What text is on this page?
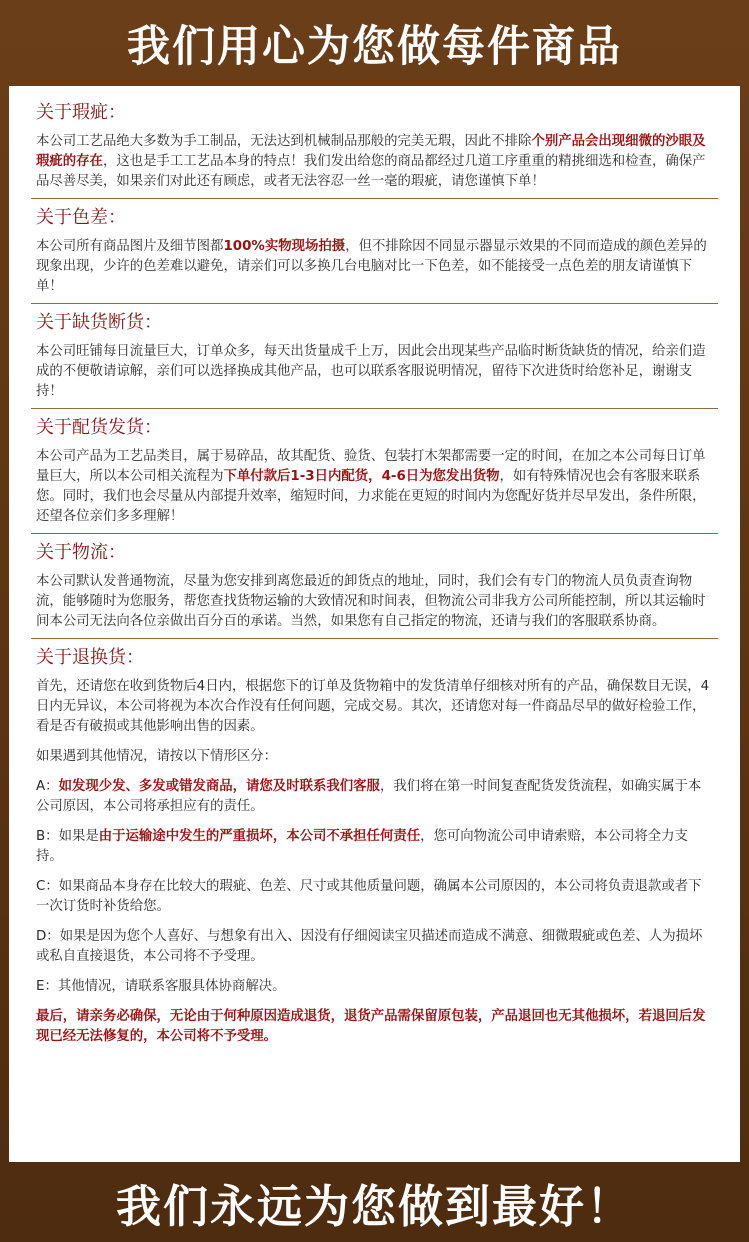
我们用心为您做每件商品
关于瑕疵：
本公司工艺品绝大多数为手工制品，无法达到机械制品那般的完美无瑕，因此不排除个别产品会出现细微的沙眼及瑕疵的存在，这也是手工工艺品本身的特点！我们发出给您的商品都经过几道工序重重的精挑细选和检查，确保产品尽善尽美，如果亲们对此还有顾虑，或者无法容忍一丝一毫的瑕疵，请您谨慎下单！
关于色差：
本公司所有商品图片及细节图都100%实物现场拍摄，但不排除因不同显示器显示效果的不同而造成的颜色差异的现象出现，少许的色差难以避免，请亲们可以多换几台电脑对比一下色差，如不能接受一点色差的朋友请谨慎下单！
关于缺货断货：
本公司旺铺每日流量巨大，订单众多，每天出货量成千上万，因此会出现某些产品临时断货缺货的情况，给亲们造成的不便敬请谅解，亲们可以选择换成其他产品，也可以联系客服说明情况，留待下次进货时给您补足，谢谢支持！
关于配货发货：
本公司产品为工艺品类目，属于易碎品，故其配货、验货、包装打木架都需要一定的时间，在加之本公司每日订单量巨大，所以本公司相关流程为下单付款后1-3日内配货，4-6日为您发出货物，如有特殊情况也会有客服来联系您。同时，我们也会尽量从内部提升效率，缩短时间，力求能在更短的时间内为您配好货并尽早发出，条件所限，还望各位亲们多多理解！
关于物流：
本公司默认发普通物流，尽量为您安排到离您最近的卸货点的地址，同时，我们会有专门的物流人员负责查询物流，能够随时为您服务，帮您查找货物运输的大致情况和时间表，但物流公司非我方公司所能控制，所以其运输时间本公司无法向各位亲做出百分百的承诺。当然，如果您有自己指定的物流，还请与我们的客服联系协商。
关于退换货：
首先，还请您在收到货物后4日内，根据您下的订单及货物箱中的发货清单仔细核对所有的产品，确保数目无误，4日内无异议，本公司将视为本次合作没有任何问题，完成交易。其次，还请您对每一件商品尽早的做好检验工作，看是否有破损或其他影响出售的因素。
如果遇到其他情况，请按以下情形区分：
A：如发现少发、多发或错发商品，请您及时联系我们客服，我们将在第一时间复查配货发货流程，如确实属于本公司原因，本公司将承担应有的责任。
B：如果是由于运输途中发生的严重损坏，本公司不承担任何责任，您可向物流公司申请索赔，本公司将全力支持。
C：如果商品本身存在比较大的瑕疵、色差、尺寸或其他质量问题，确属本公司原因的，本公司将负责退款或者下一次订货时补货给您。
D：如果是因为您个人喜好、与想象有出入、因没有仔细阅读宝贝描述而造成不满意、细微瑕疵或色差、人为损坏或私自直接退货，本公司将不予受理。
E：其他情况，请联系客服具体协商解决。
最后，请亲务必确保，无论由于何种原因造成退货，退货产品需保留原包装，产品退回也无其他损坏，若退回后发现已经无法修复的，本公司将不予受理。
我们永远为您做到最好！
